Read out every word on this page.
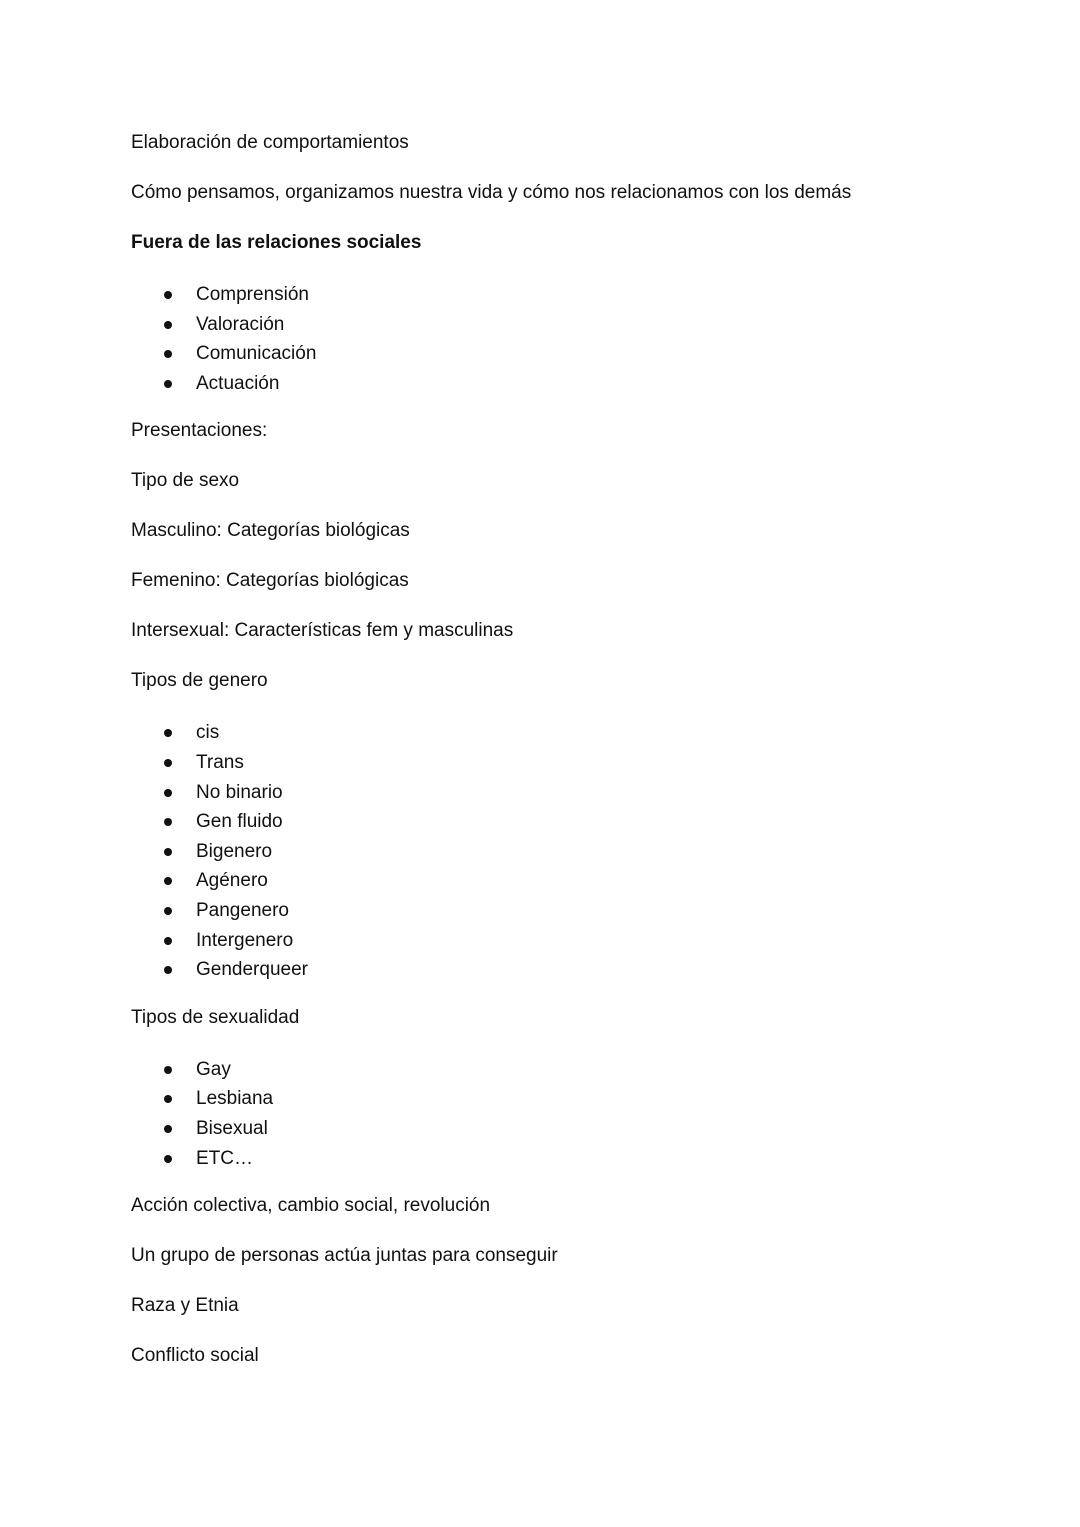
Elaboración de comportamientos

Cómo pensamos, organizamos nuestra vida y cómo nos relacionamos con los demás

Fuera de las relaciones sociales

Comprensión
Valoración
Comunicación
Actuación

Presentaciones:

Tipo de sexo

Masculino: Categorías biológicas

Femenino: Categorías biológicas

Intersexual: Características fem y masculinas

Tipos de genero

cis
Trans
No binario
Gen fluido
Bigenero
Agénero
Pangenero
Intergenero
Genderqueer

Tipos de sexualidad

Gay
Lesbiana
Bisexual
ETC…

Acción colectiva, cambio social, revolución

Un grupo de personas actúa juntas para conseguir

Raza y Etnia

Conflicto social
